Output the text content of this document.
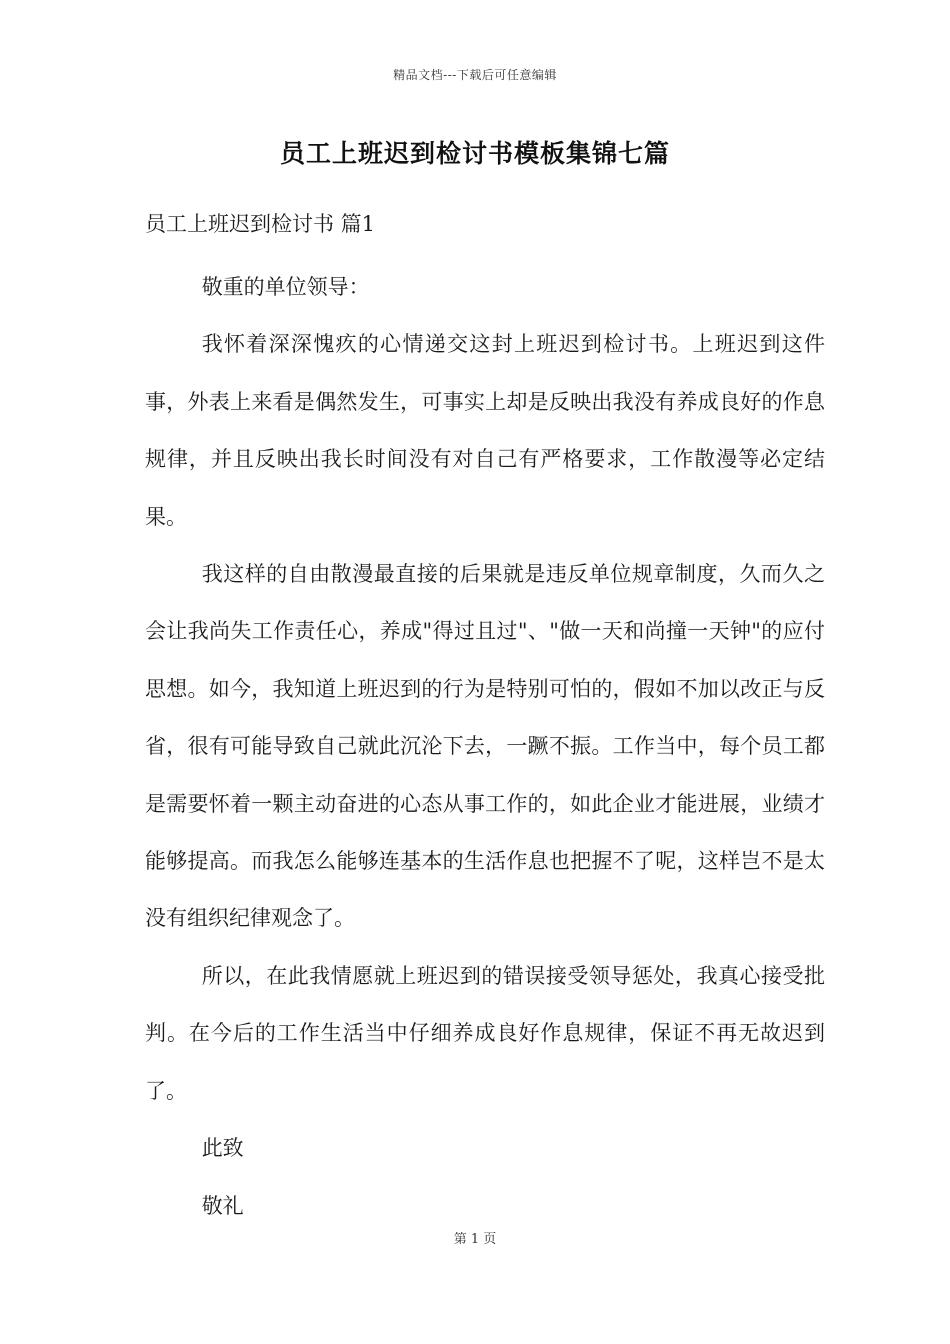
精品文档---下载后可任意编辑
员工上班迟到检讨书模板集锦七篇
员工上班迟到检讨书 篇1

敬重的单位领导：

我怀着深深愧疚的心情递交这封上班迟到检讨书。上班迟到这件事，外表上来看是偶然发生，可事实上却是反映出我没有养成良好的作息规律，并且反映出我长时间没有对自己有严格要求，工作散漫等必定结果。

我这样的自由散漫最直接的后果就是违反单位规章制度，久而久之会让我尚失工作责任心，养成"得过且过"、"做一天和尚撞一天钟"的应付思想。如今，我知道上班迟到的行为是特别可怕的，假如不加以改正与反省，很有可能导致自己就此沉沦下去，一蹶不振。工作当中，每个员工都是需要怀着一颗主动奋进的心态从事工作的，如此企业才能进展，业绩才能够提高。而我怎么能够连基本的生活作息也把握不了呢，这样岂不是太没有组织纪律观念了。

所以，在此我情愿就上班迟到的错误接受领导惩处，我真心接受批判。在今后的工作生活当中仔细养成良好作息规律，保证不再无故迟到了。

此致

敬礼

第 1 页
